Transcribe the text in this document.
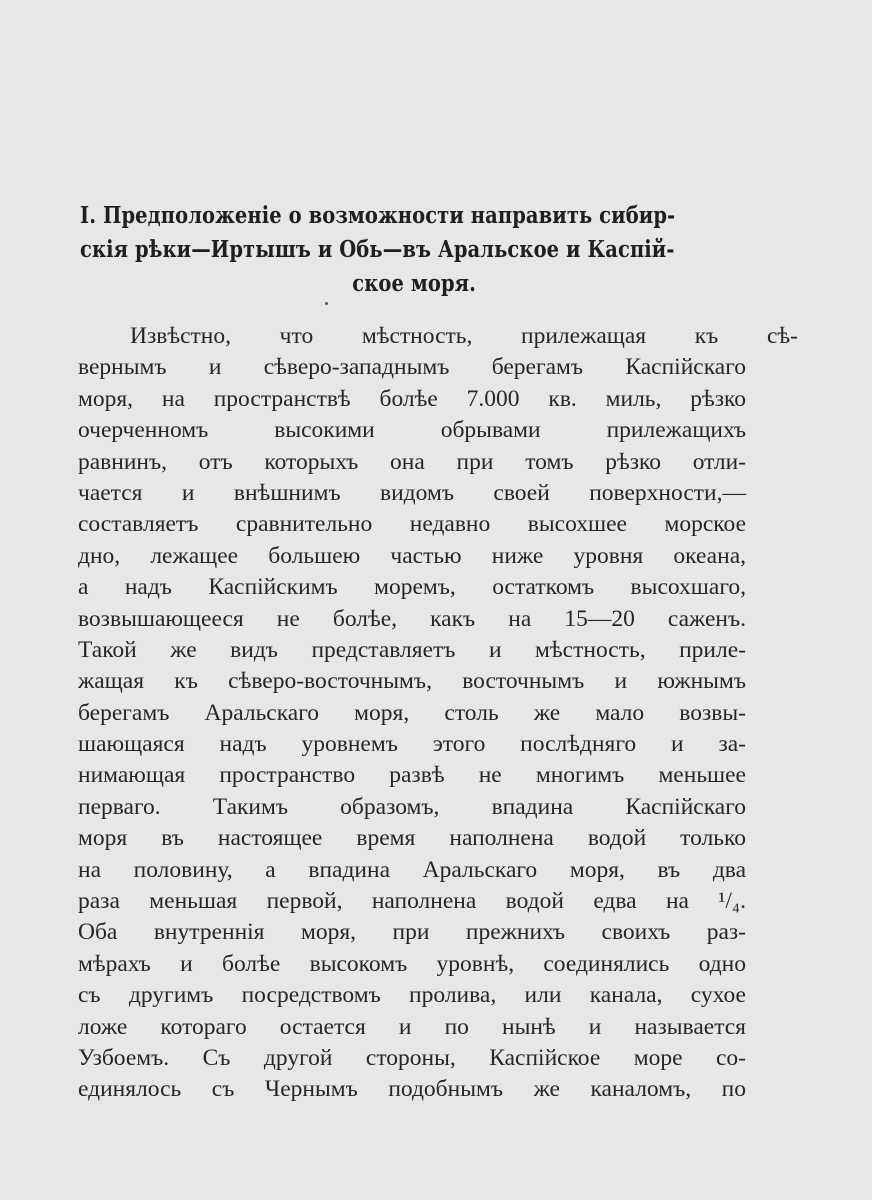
I. Предположеніе о возможности направить сибир-
скія рѣки—Иртышъ и Обь—въ Аральское и Каспій-
ское моря.
Извѣстно, что мѣстность, прилежащая къ сѣ-
вернымъ и сѣверо-западнымъ берегамъ Каспійскаго
моря, на пространствѣ болѣе 7.000 кв. миль, рѣзко
очерченномъ высокими обрывами прилежащихъ
равнинъ, отъ которыхъ она при томъ рѣзко отли-
чается и внѣшнимъ видомъ своей поверхности,—
составляетъ сравнительно недавно высохшее морское
дно, лежащее большею частью ниже уровня океана,
а надъ Каспійскимъ моремъ, остаткомъ высохшаго,
возвышающееся не болѣе, какъ на 15—20 саженъ.
Такой же видъ представляетъ и мѣстность, приле-
жащая къ сѣверо-восточнымъ, восточнымъ и южнымъ
берегамъ Аральскаго моря, столь же мало возвы-
шающаяся надъ уровнемъ этого послѣдняго и за-
нимающая пространство развѣ не многимъ меньшее
перваго. Такимъ образомъ, впадина Каспійскаго
моря въ настоящее время наполнена водой только
на половину, а впадина Аральскаго моря, въ два
раза меньшая первой, наполнена водой едва на ¹/₄.
Оба внутреннія моря, при прежнихъ своихъ раз-
мѣрахъ и болѣе высокомъ уровнѣ, соединялись одно
съ другимъ посредствомъ пролива, или канала, сухое
ложе котораго остается и по нынѣ и называется
Узбоемъ. Съ другой стороны, Каспійское море со-
единялось съ Чернымъ подобнымъ же каналомъ, по
